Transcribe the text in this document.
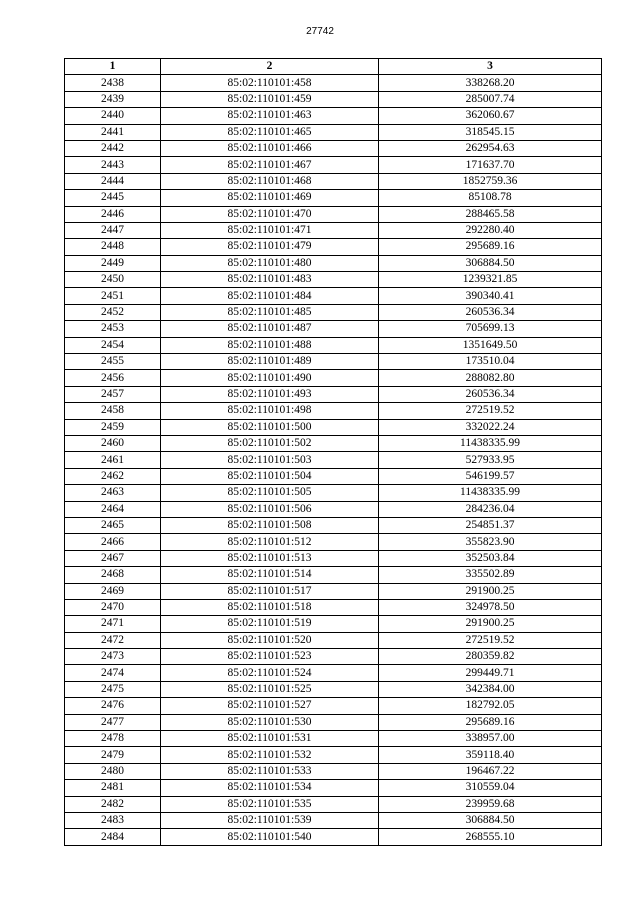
27742
1	2	3
2438	85:02:110101:458	338268.20
2439	85:02:110101:459	285007.74
2440	85:02:110101:463	362060.67
2441	85:02:110101:465	318545.15
2442	85:02:110101:466	262954.63
2443	85:02:110101:467	171637.70
2444	85:02:110101:468	1852759.36
2445	85:02:110101:469	85108.78
2446	85:02:110101:470	288465.58
2447	85:02:110101:471	292280.40
2448	85:02:110101:479	295689.16
2449	85:02:110101:480	306884.50
2450	85:02:110101:483	1239321.85
2451	85:02:110101:484	390340.41
2452	85:02:110101:485	260536.34
2453	85:02:110101:487	705699.13
2454	85:02:110101:488	1351649.50
2455	85:02:110101:489	173510.04
2456	85:02:110101:490	288082.80
2457	85:02:110101:493	260536.34
2458	85:02:110101:498	272519.52
2459	85:02:110101:500	332022.24
2460	85:02:110101:502	11438335.99
2461	85:02:110101:503	527933.95
2462	85:02:110101:504	546199.57
2463	85:02:110101:505	11438335.99
2464	85:02:110101:506	284236.04
2465	85:02:110101:508	254851.37
2466	85:02:110101:512	355823.90
2467	85:02:110101:513	352503.84
2468	85:02:110101:514	335502.89
2469	85:02:110101:517	291900.25
2470	85:02:110101:518	324978.50
2471	85:02:110101:519	291900.25
2472	85:02:110101:520	272519.52
2473	85:02:110101:523	280359.82
2474	85:02:110101:524	299449.71
2475	85:02:110101:525	342384.00
2476	85:02:110101:527	182792.05
2477	85:02:110101:530	295689.16
2478	85:02:110101:531	338957.00
2479	85:02:110101:532	359118.40
2480	85:02:110101:533	196467.22
2481	85:02:110101:534	310559.04
2482	85:02:110101:535	239959.68
2483	85:02:110101:539	306884.50
2484	85:02:110101:540	268555.10
